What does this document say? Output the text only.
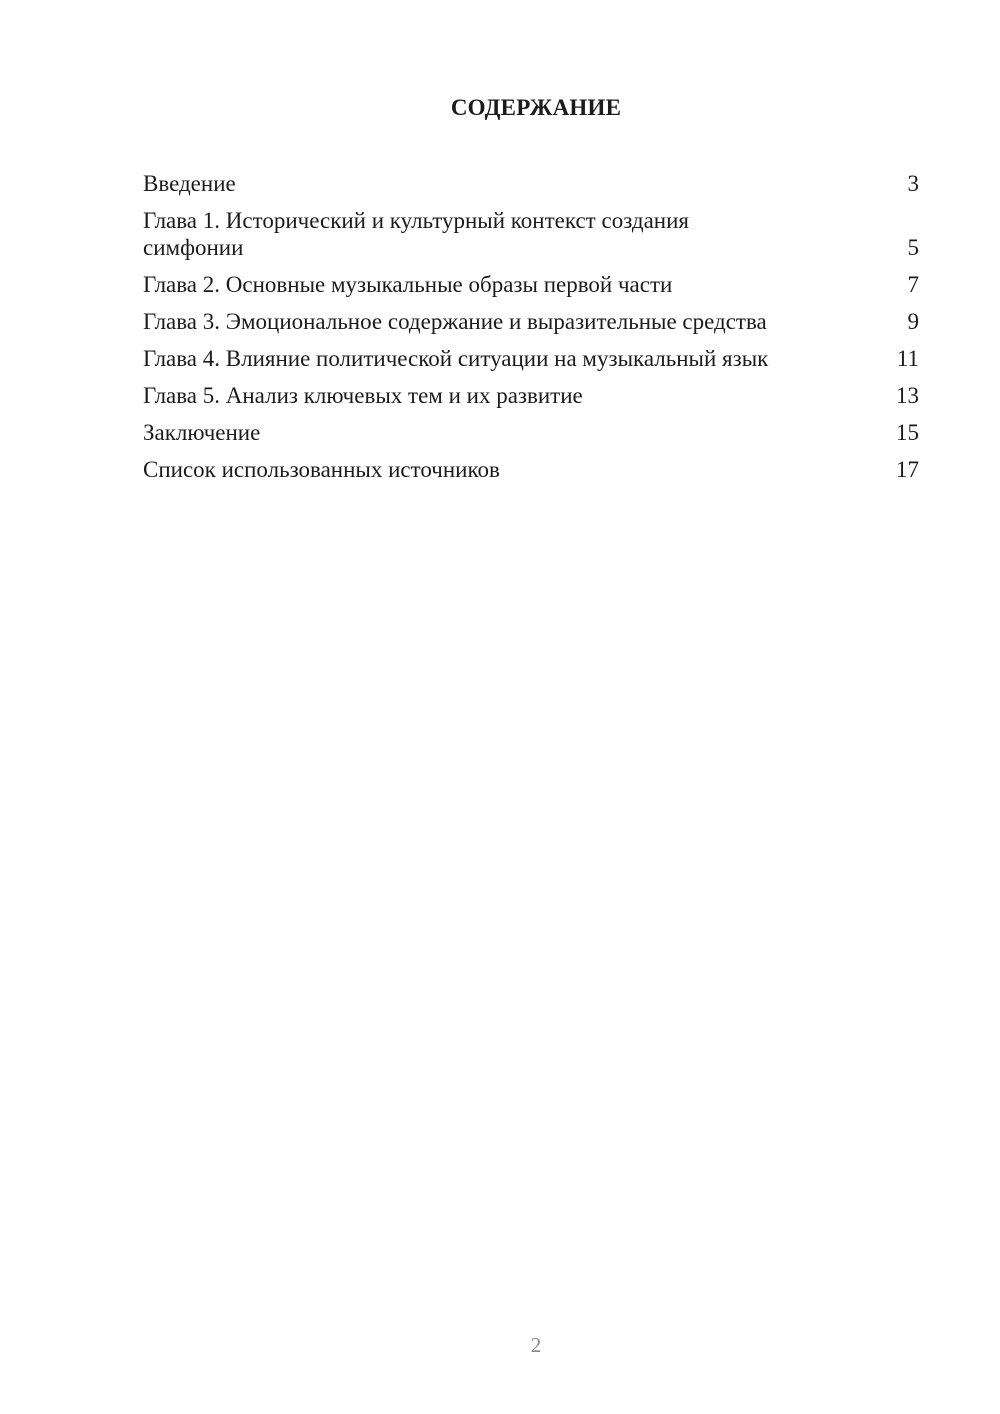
СОДЕРЖАНИЕ
Введение	3
Глава 1. Исторический и культурный контекст создания симфонии	5
Глава 2. Основные музыкальные образы первой части	7
Глава 3. Эмоциональное содержание и выразительные средства	9
Глава 4. Влияние политической ситуации на музыкальный язык	11
Глава 5. Анализ ключевых тем и их развитие	13
Заключение	15
Список использованных источников	17
2
